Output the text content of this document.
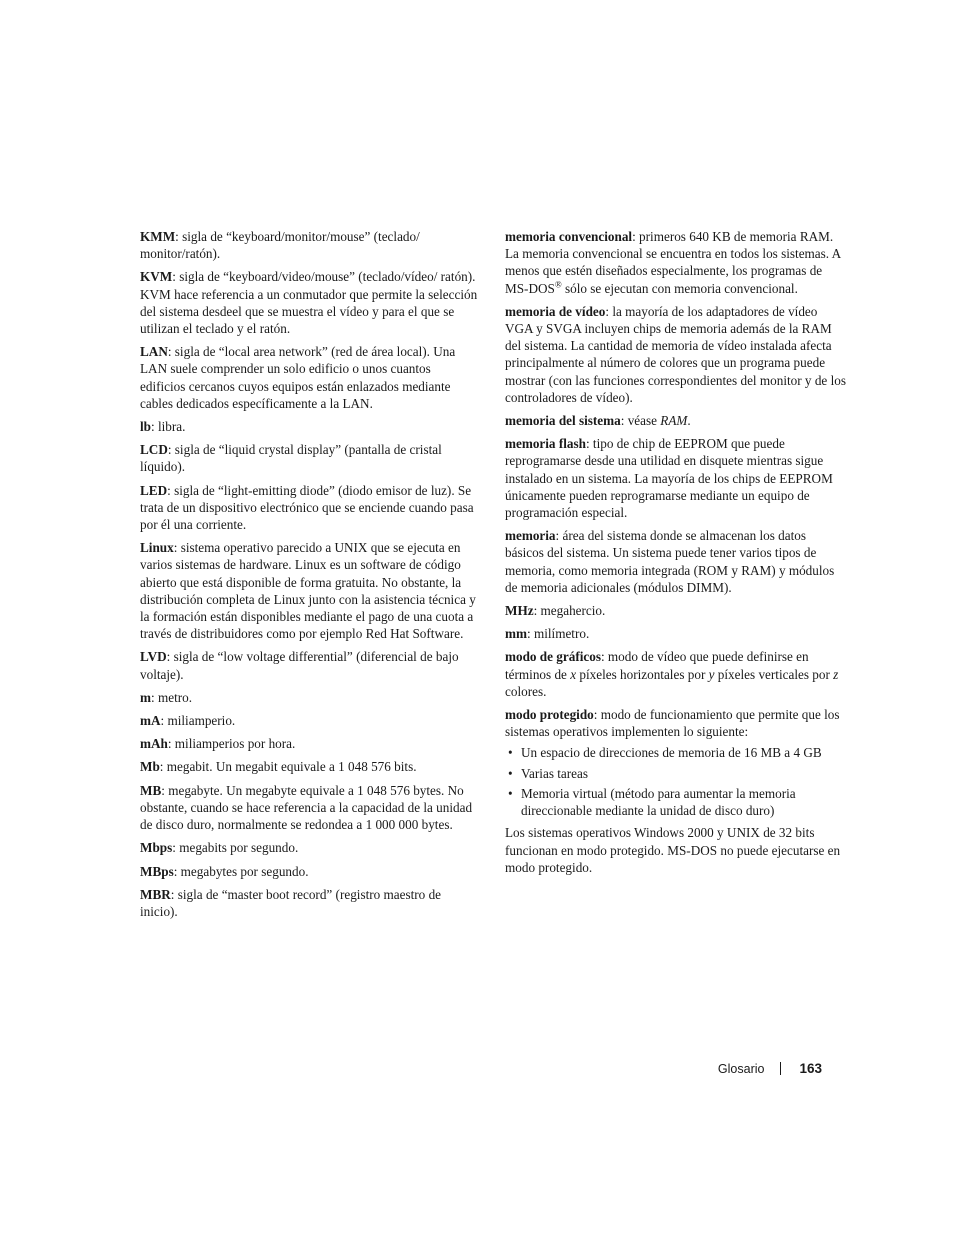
KMM: sigla de “keyboard/monitor/mouse” (teclado/ monitor/ratón).
KVM: sigla de “keyboard/video/mouse” (teclado/vídeo/ ratón). KVM hace referencia a un conmutador que permite la selección del sistema desdeel que se muestra el vídeo y para el que se utilizan el teclado y el ratón.
LAN: sigla de “local area network” (red de área local). Una LAN suele comprender un solo edificio o unos cuantos edificios cercanos cuyos equipos están enlazados mediante cables dedicados específicamente a la LAN.
lb: libra.
LCD: sigla de “liquid crystal display” (pantalla de cristal líquido).
LED: sigla de “light-emitting diode” (diodo emisor de luz). Se trata de un dispositivo electrónico que se enciende cuando pasa por él una corriente.
Linux: sistema operativo parecido a UNIX que se ejecuta en varios sistemas de hardware. Linux es un software de código abierto que está disponible de forma gratuita. No obstante, la distribución completa de Linux junto con la asistencia técnica y la formación están disponibles mediante el pago de una cuota a través de distribuidores como por ejemplo Red Hat Software.
LVD: sigla de “low voltage differential” (diferencial de bajo voltaje).
m: metro.
mA: miliamperio.
mAh: miliamperios por hora.
Mb: megabit. Un megabit equivale a 1 048 576 bits.
MB: megabyte. Un megabyte equivale a 1 048 576 bytes. No obstante, cuando se hace referencia a la capacidad de la unidad de disco duro, normalmente se redondea a 1 000 000 bytes.
Mbps: megabits por segundo.
MBps: megabytes por segundo.
MBR: sigla de “master boot record” (registro maestro de inicio).
memoria convencional: primeros 640 KB de memoria RAM. La memoria convencional se encuentra en todos los sistemas. A menos que estén diseñados especialmente, los programas de MS-DOS® sólo se ejecutan con memoria convencional.
memoria de vídeo: la mayoría de los adaptadores de vídeo VGA y SVGA incluyen chips de memoria además de la RAM del sistema. La cantidad de memoria de vídeo instalada afecta principalmente al número de colores que un programa puede mostrar (con las funciones correspondientes del monitor y de los controladores de vídeo).
memoria del sistema: véase RAM.
memoria flash: tipo de chip de EEPROM que puede reprogramarse desde una utilidad en disquete mientras sigue instalado en un sistema. La mayoría de los chips de EEPROM únicamente pueden reprogramarse mediante un equipo de programación especial.
memoria: área del sistema donde se almacenan los datos básicos del sistema. Un sistema puede tener varios tipos de memoria, como memoria integrada (ROM y RAM) y módulos de memoria adicionales (módulos DIMM).
MHz: megahercio.
mm: milímetro.
modo de gráficos: modo de vídeo que puede definirse en términos de x píxeles horizontales por y píxeles verticales por z colores.
modo protegido: modo de funcionamiento que permite que los sistemas operativos implementen lo siguiente:
• Un espacio de direcciones de memoria de 16 MB a 4 GB
• Varias tareas
• Memoria virtual (método para aumentar la memoria direccionable mediante la unidad de disco duro)
Los sistemas operativos Windows 2000 y UNIX de 32 bits funcionan en modo protegido. MS-DOS no puede ejecutarse en modo protegido.
Glosario	163
